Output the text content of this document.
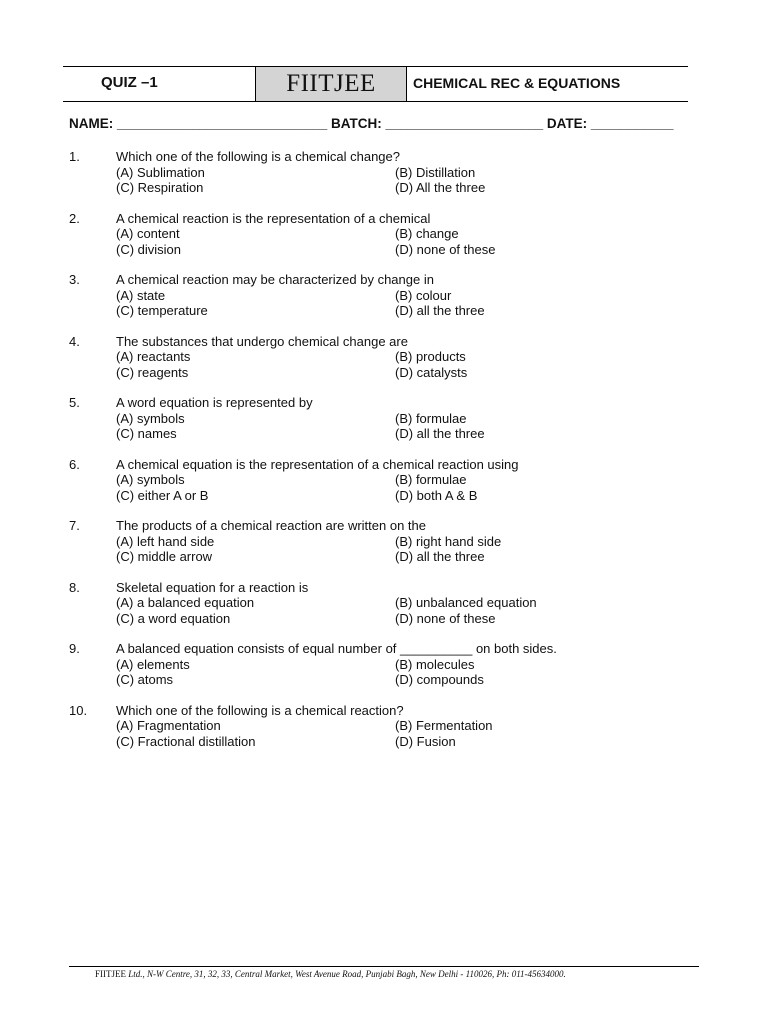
QUIZ –1	FIITJEE	CHEMICAL REC & EQUATIONS
NAME: ____________________________ BATCH: _____________________ DATE: ___________
1.	Which one of the following is a chemical change?
(A) Sublimation	(B) Distillation
(C) Respiration	(D) All the three
2.	A chemical reaction is the representation of a chemical
(A) content	(B) change
(C) division	(D) none of these
3.	A chemical reaction may be characterized by change in
(A) state	(B) colour
(C) temperature	(D) all the three
4.	The substances that undergo chemical change are
(A) reactants	(B) products
(C) reagents	(D) catalysts
5.	A word equation is represented by
(A) symbols	(B) formulae
(C) names	(D) all the three
6.	A chemical equation is the representation of a chemical reaction using
(A) symbols	(B) formulae
(C) either A or B	(D) both A & B
7.	The products of a chemical reaction are written on the
(A) left hand side	(B) right hand side
(C) middle arrow	(D) all the three
8.	Skeletal equation for a reaction is
(A) a balanced equation	(B) unbalanced equation
(C) a word equation	(D) none of these
9.	A balanced equation consists of equal number of __________ on both sides.
(A) elements	(B) molecules
(C) atoms	(D) compounds
10.	Which one of the following is a chemical reaction?
(A) Fragmentation	(B) Fermentation
(C) Fractional distillation	(D) Fusion
FIITJEE Ltd., N-W Centre, 31, 32, 33, Central Market, West Avenue Road, Punjabi Bagh, New Delhi - 110026, Ph: 011-45634000.
